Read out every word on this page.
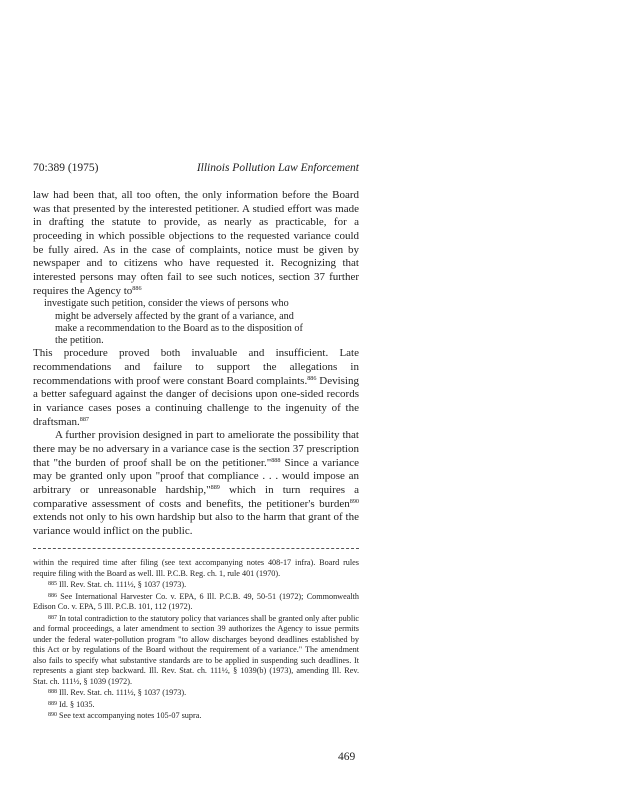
70:389 (1975)	Illinois Pollution Law Enforcement

law had been that, all too often, the only information before the Board was that presented by the interested petitioner. A studied effort was made in drafting the statute to provide, as nearly as practicable, for a proceeding in which possible objections to the requested variance could be fully aired. As in the case of complaints, notice must be given by newspaper and to citizens who have requested it. Recognizing that interested persons may often fail to see such notices, section 37 further requires the Agency $to^{886}$

investigate such petition, consider the views of persons who
might be adversely affected by the grant of a variance, and
make a recommendation to the Board as to the disposition of
the petition.

This procedure proved both invaluable and insufficient. Late recommendations and failure to support the allegations in recommendations with proof were constant Board complaints.$^{886}$ Devising a better safeguard against the danger of decisions upon one-sided records in variance cases poses a continuing challenge to the ingenuity of the draftsman.$^{887}$

A further provision designed in part to ameliorate the possibility that there may be no adversary in a variance case is the section 37 prescription that "the burden of proof shall be on the petitioner."$^{888}$ Since a variance may be granted only upon "proof that compliance . . . would impose an arbitrary or unreasonable hardship,"$^{889}$ which in turn requires a comparative assessment of costs and benefits, the petitioner's burden$^{890}$ extends not only to his own hardship but also to the harm that grant of the variance would inflict on the public.

within the required time after filing (see text accompanying notes 408-17 infra). Board rules require filing with the Board as well. Ill. P.C.B. Reg. ch. 1, rule 401 (1970).

$^{885}$ Ill. Rev. Stat. ch. 111½, § 1037 (1973).

$^{886}$ See International Harvester Co. v. EPA, 6 Ill. P.C.B. 49, 50-51 (1972); Commonwealth Edison Co. v. EPA, 5 Ill. P.C.B. 101, 112 (1972).

$^{887}$ In total contradiction to the statutory policy that variances shall be granted only after public and formal proceedings, a later amendment to section 39 authorizes the Agency to issue permits under the federal water-pollution program "to allow discharges beyond deadlines established by this Act or by regulations of the Board without the requirement of a variance." The amendment also fails to specify what substantive standards are to be applied in suspending such deadlines. It represents a giant step backward. Ill. Rev. Stat. ch. 111½, § 1039(b) (1973), amending Ill. Rev. Stat. ch. 111½, § 1039 (1972).

$^{888}$ Ill. Rev. Stat. ch. 111½, § 1037 (1973).

$^{889}$ Id. § 1035.

$^{890}$ See text accompanying notes 105-07 supra.

469
